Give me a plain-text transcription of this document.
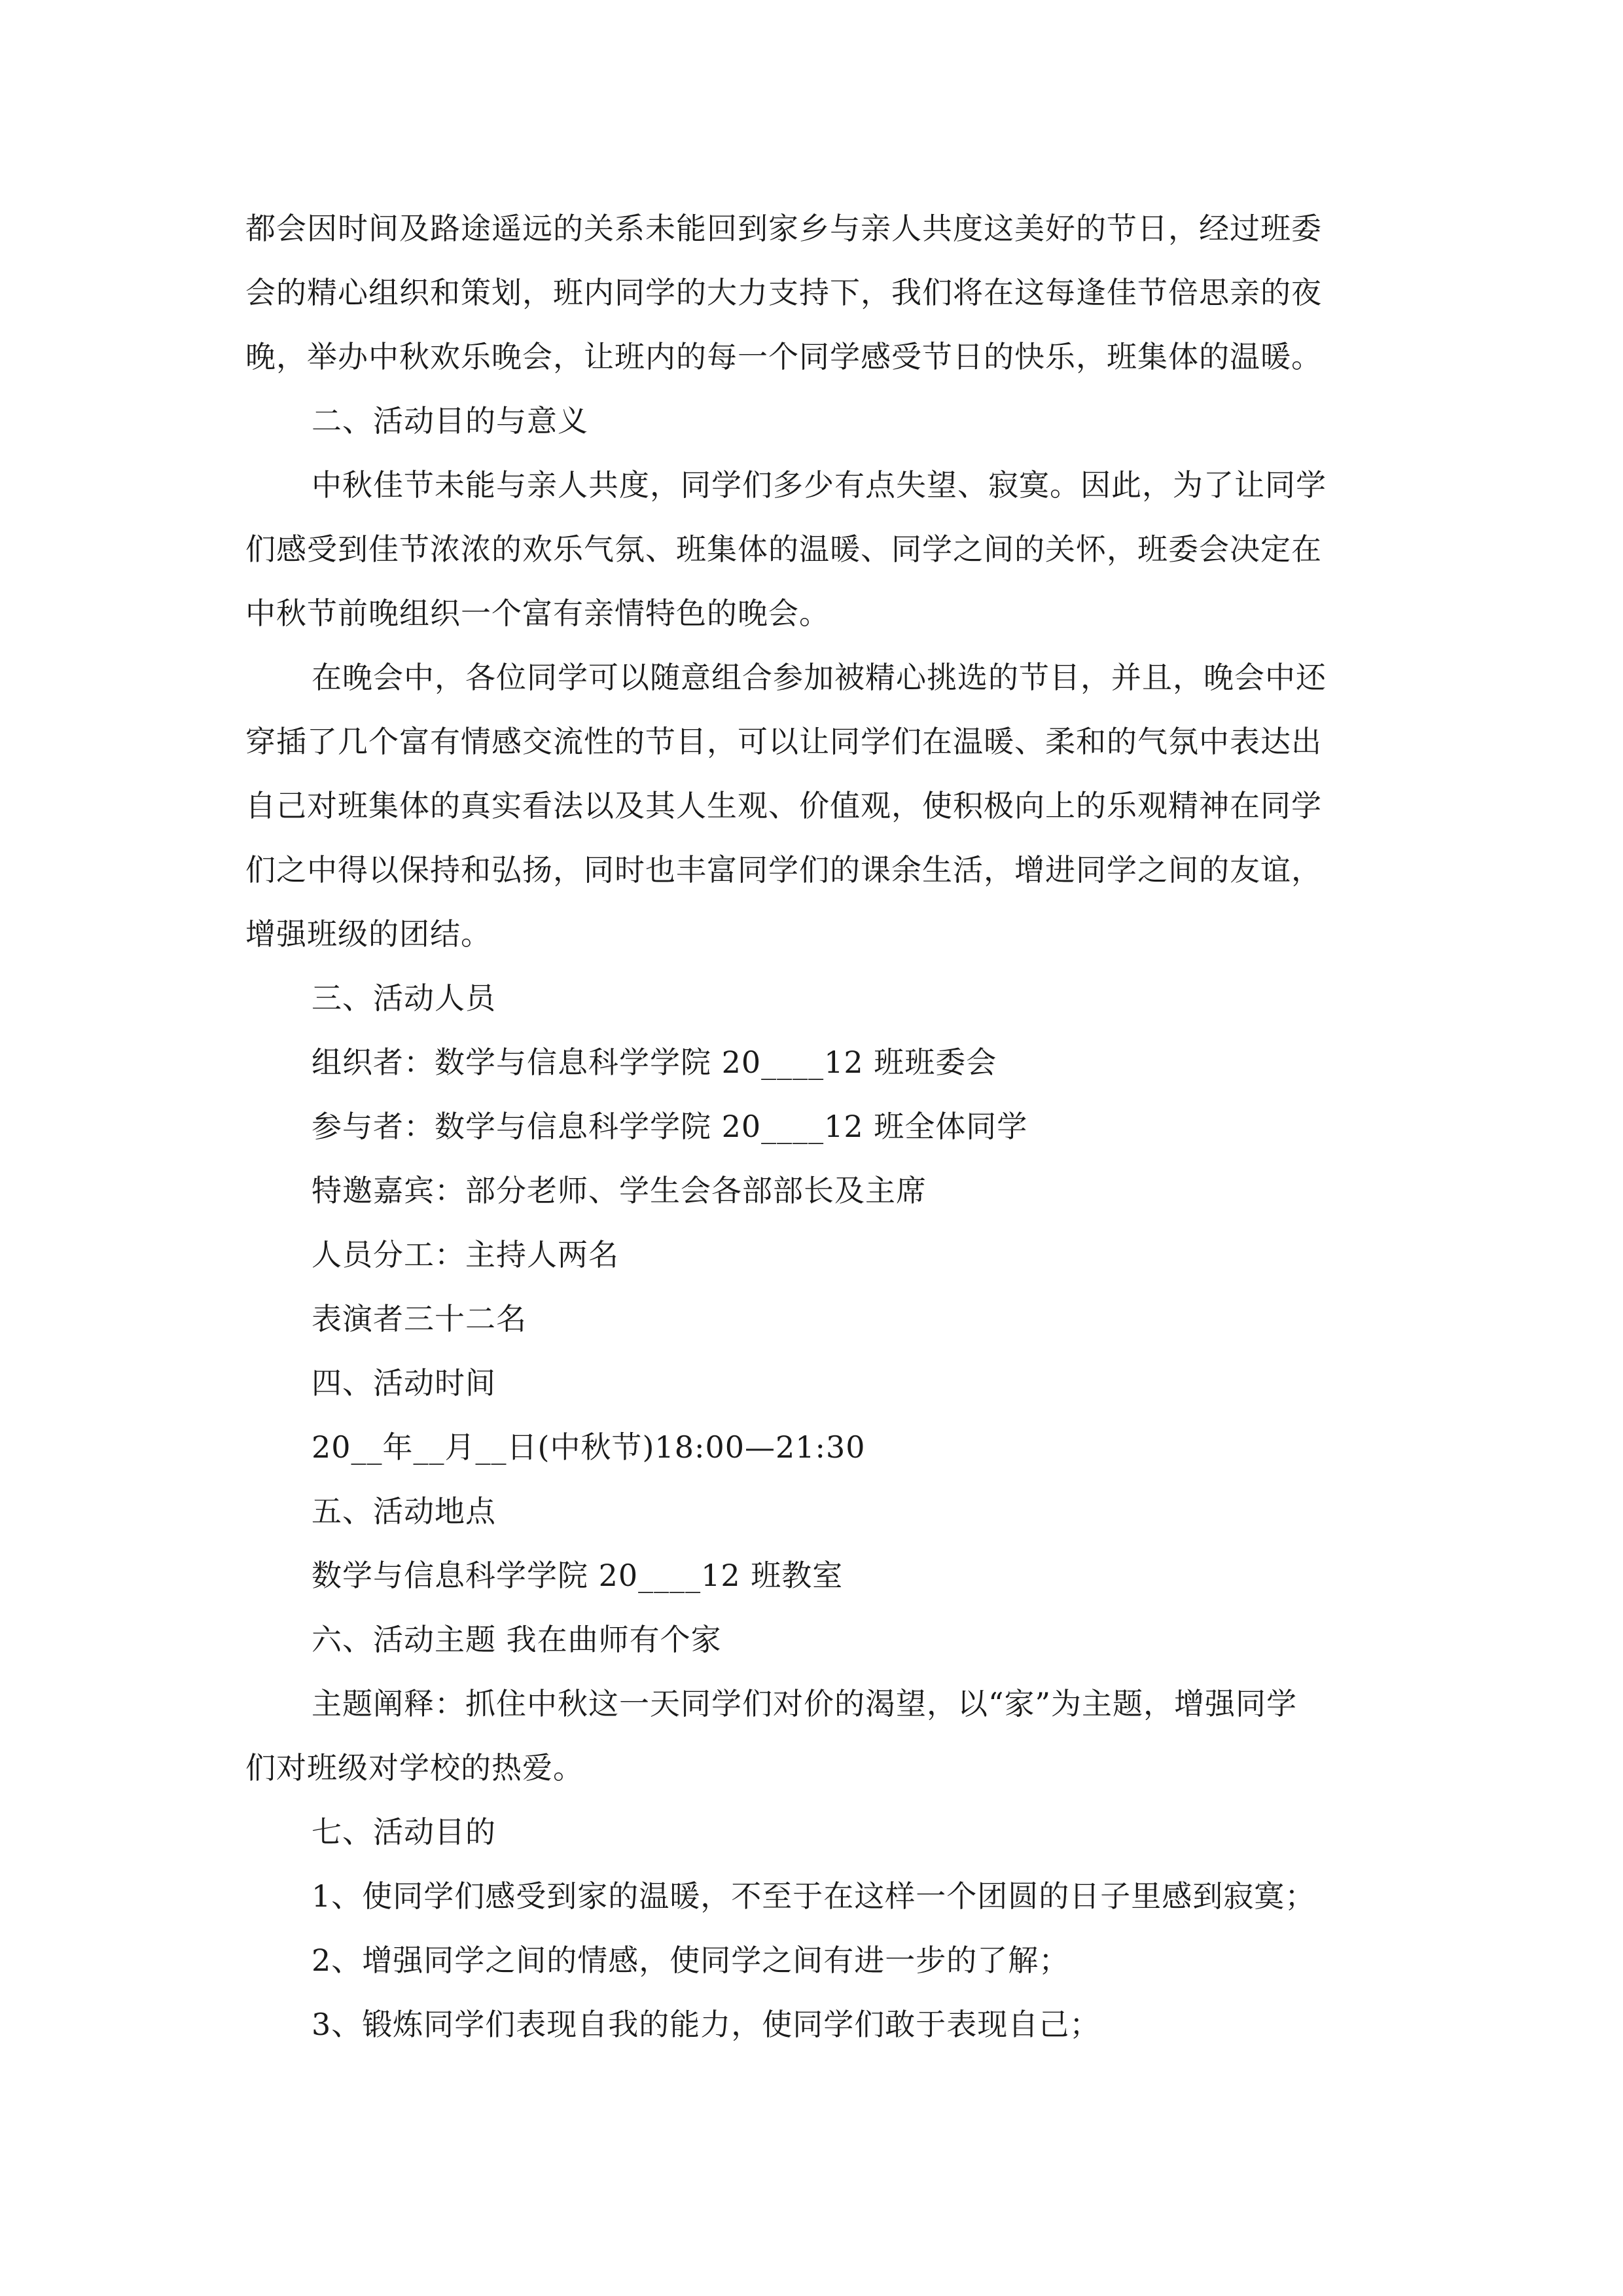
都会因时间及路途遥远的关系未能回到家乡与亲人共度这美好的节日，经过班委
会的精心组织和策划，班内同学的大力支持下，我们将在这每逢佳节倍思亲的夜
晚，举办中秋欢乐晚会，让班内的每一个同学感受节日的快乐，班集体的温暖。
二、活动目的与意义
中秋佳节未能与亲人共度，同学们多少有点失望、寂寞。因此，为了让同学
们感受到佳节浓浓的欢乐气氛、班集体的温暖、同学之间的关怀，班委会决定在
中秋节前晚组织一个富有亲情特色的晚会。
在晚会中，各位同学可以随意组合参加被精心挑选的节目，并且，晚会中还
穿插了几个富有情感交流性的节目，可以让同学们在温暖、柔和的气氛中表达出
自己对班集体的真实看法以及其人生观、价值观，使积极向上的乐观精神在同学
们之中得以保持和弘扬，同时也丰富同学们的课余生活，增进同学之间的友谊，
增强班级的团结。
三、活动人员
组织者：数学与信息科学学院 20____12 班班委会
参与者：数学与信息科学学院 20____12 班全体同学
特邀嘉宾：部分老师、学生会各部部长及主席
人员分工：主持人两名
表演者三十二名
四、活动时间
20__年__月__日(中秋节)18:00—21:30
五、活动地点
数学与信息科学学院 20____12 班教室
六、活动主题 我在曲师有个家
主题阐释：抓住中秋这一天同学们对价的渴望，以“家”为主题，增强同学
们对班级对学校的热爱。
七、活动目的
1、使同学们感受到家的温暖，不至于在这样一个团圆的日子里感到寂寞；
2、增强同学之间的情感，使同学之间有进一步的了解；
3、锻炼同学们表现自我的能力，使同学们敢于表现自己；
